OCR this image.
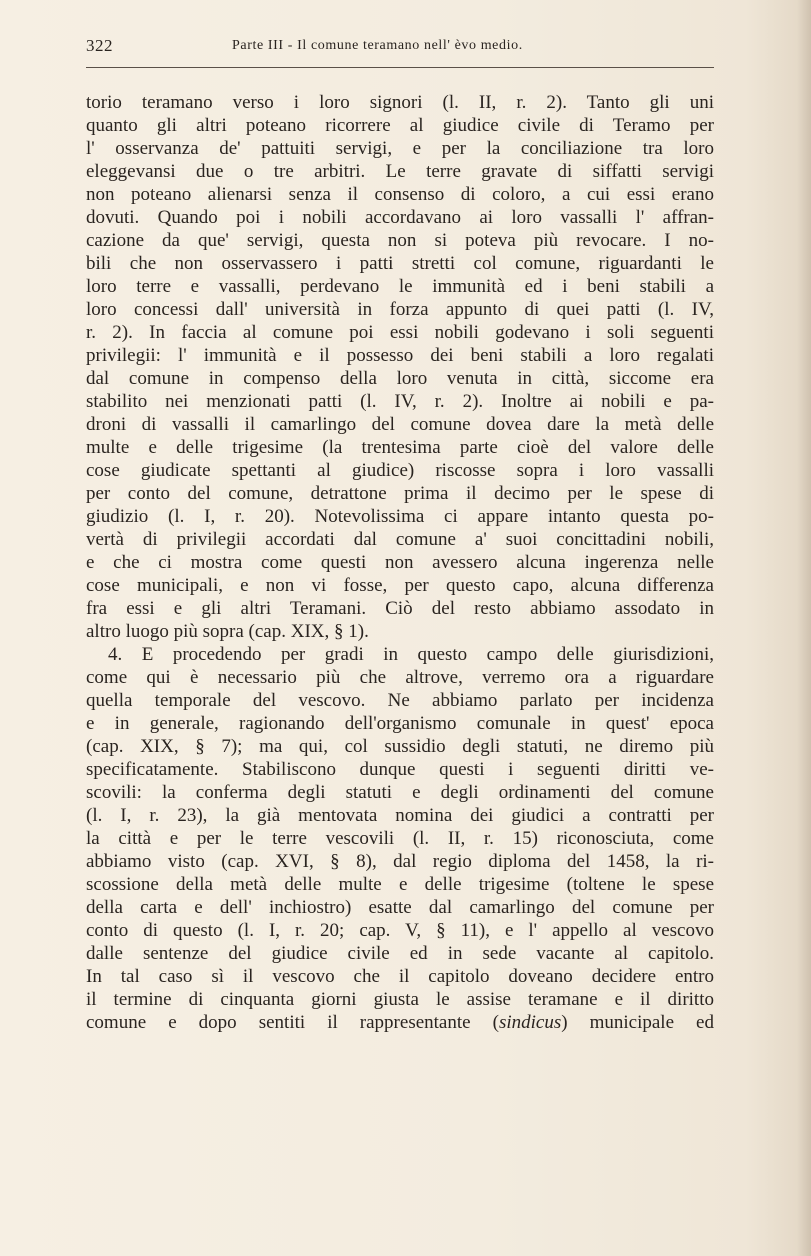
322	Parte III - Il comune teramano nell' èvo medio.
torio teramano verso i loro signori (l. II, r. 2). Tanto gli uni
quanto gli altri poteano ricorrere al giudice civile di Teramo per
l' osservanza de' pattuiti servigi, e per la conciliazione tra loro
eleggevansi due o tre arbitri. Le terre gravate di siffatti servigi
non poteano alienarsi senza il consenso di coloro, a cui essi erano
dovuti. Quando poi i nobili accordavano ai loro vassalli l' affran-
cazione da que' servigi, questa non si poteva più revocare. I no-
bili che non osservassero i patti stretti col comune, riguardanti le
loro terre e vassalli, perdevano le immunità ed i beni stabili a
loro concessi dall' università in forza appunto di quei patti (l. IV,
r. 2). In faccia al comune poi essi nobili godevano i soli seguenti
privilegii: l' immunità e il possesso dei beni stabili a loro regalati
dal comune in compenso della loro venuta in città, siccome era
stabilito nei menzionati patti (l. IV, r. 2). Inoltre ai nobili e pa-
droni di vassalli il camarlingo del comune dovea dare la metà delle
multe e delle trigesime (la trentesima parte cioè del valore delle
cose giudicate spettanti al giudice) riscosse sopra i loro vassalli
per conto del comune, detrattone prima il decimo per le spese di
giudizio (l. I, r. 20). Notevolissima ci appare intanto questa po-
vertà di privilegii accordati dal comune a' suoi concittadini nobili,
e che ci mostra come questi non avessero alcuna ingerenza nelle
cose municipali, e non vi fosse, per questo capo, alcuna differenza
fra essi e gli altri Teramani. Ciò del resto abbiamo assodato in
altro luogo più sopra (cap. XIX, § 1).
4. E procedendo per gradi in questo campo delle giurisdizioni,
come qui è necessario più che altrove, verremo ora a riguardare
quella temporale del vescovo. Ne abbiamo parlato per incidenza
e in generale, ragionando dell'organismo comunale in quest' epoca
(cap. XIX, § 7); ma qui, col sussidio degli statuti, ne diremo più
specificatamente. Stabiliscono dunque questi i seguenti diritti ve-
scovili: la conferma degli statuti e degli ordinamenti del comune
(l. I, r. 23), la già mentovata nomina dei giudici a contratti per
la città e per le terre vescovili (l. II, r. 15) riconosciuta, come
abbiamo visto (cap. XVI, § 8), dal regio diploma del 1458, la ri-
scossione della metà delle multe e delle trigesime (toltene le spese
della carta e dell' inchiostro) esatte dal camarlingo del comune per
conto di questo (l. I, r. 20; cap. V, § 11), e l' appello al vescovo
dalle sentenze del giudice civile ed in sede vacante al capitolo.
In tal caso sì il vescovo che il capitolo doveano decidere entro
il termine di cinquanta giorni giusta le assise teramane e il diritto
comune e dopo sentiti il rappresentante (sindicus) municipale ed
